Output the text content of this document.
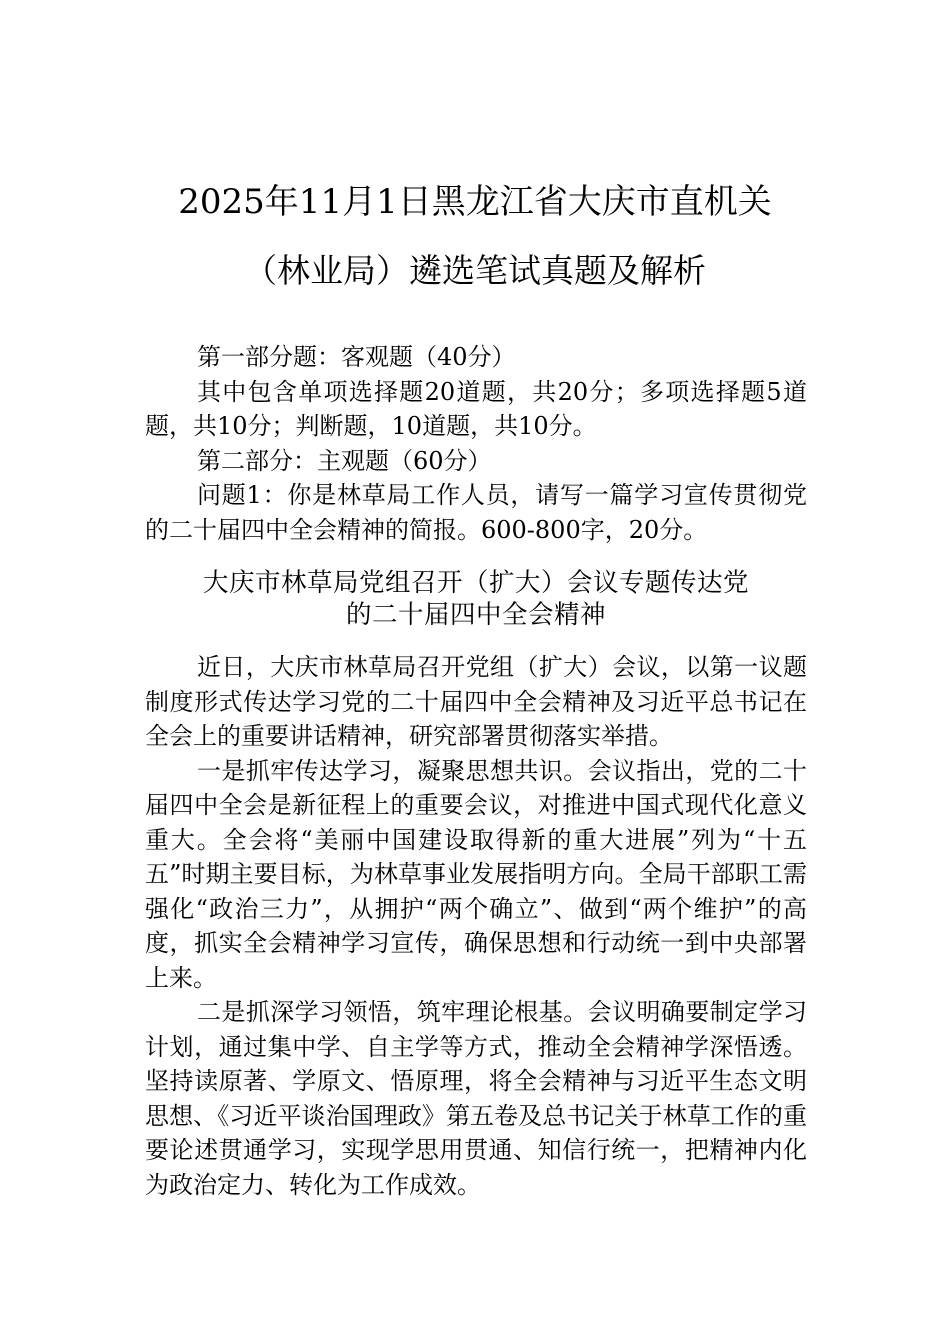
2025年11月1日黑龙江省大庆市直机关
（林业局）遴选笔试真题及解析

第一部分题：客观题（40分）

其中包含单项选择题20道题，共20分；多项选择题5道题，共10分；判断题，10道题，共10分。

第二部分：主观题（60分）

问题1：你是林草局工作人员，请写一篇学习宣传贯彻党的二十届四中全会精神的简报。600-800字，20分。

大庆市林草局党组召开（扩大）会议专题传达党
的二十届四中全会精神

近日，大庆市林草局召开党组（扩大）会议，以第一议题制度形式传达学习党的二十届四中全会精神及习近平总书记在全会上的重要讲话精神，研究部署贯彻落实举措。

一是抓牢传达学习，凝聚思想共识。会议指出，党的二十届四中全会是新征程上的重要会议，对推进中国式现代化意义重大。全会将“美丽中国建设取得新的重大进展”列为“十五五”时期主要目标，为林草事业发展指明方向。全局干部职工需强化“政治三力”，从拥护“两个确立”、做到“两个维护”的高度，抓实全会精神学习宣传，确保思想和行动统一到中央部署上来。

二是抓深学习领悟，筑牢理论根基。会议明确要制定学习计划，通过集中学、自主学等方式，推动全会精神学深悟透。坚持读原著、学原文、悟原理，将全会精神与习近平生态文明思想、《习近平谈治国理政》第五卷及总书记关于林草工作的重要论述贯通学习，实现学思用贯通、知信行统一，把精神内化为政治定力、转化为工作成效。
